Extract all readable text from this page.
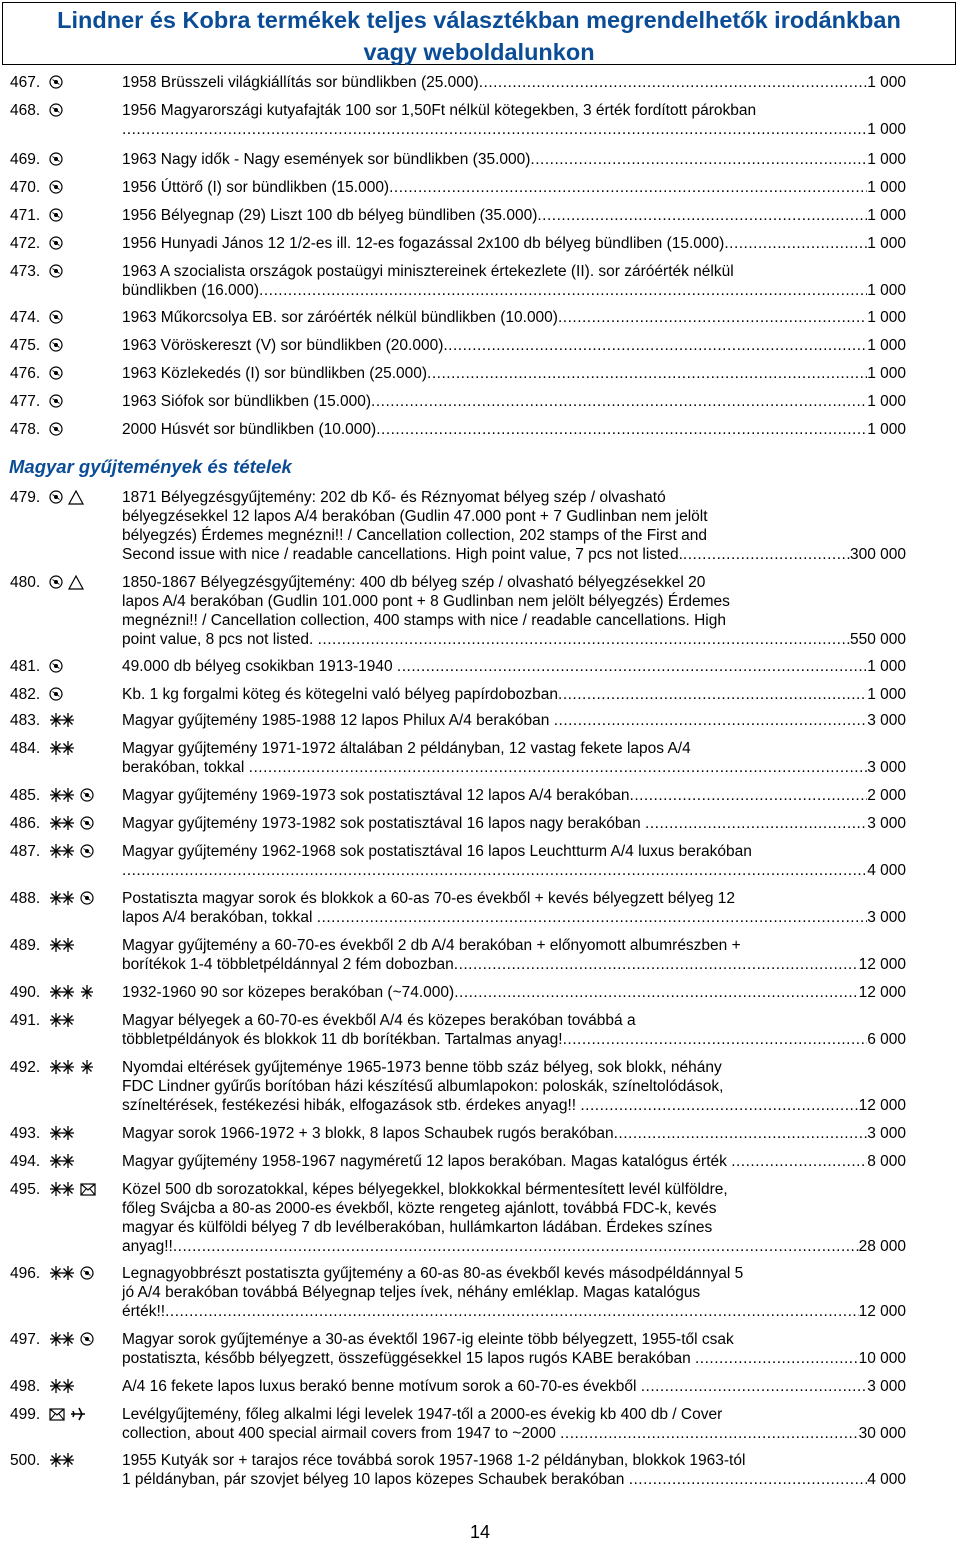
Lindner és Kobra termékek teljes választékban megrendelhetők irodánkban
vagy weboldalunkon
Magyar gyűjtemények és tételek
467.	1958 Brüsszeli világkiállítás sor bündlikben (25.000) .....	1 000
468.	1956 Magyarországi kutyafajták 100 sor 1,50Ft nélkül kötegekben, 3 érték fordított párokban
.....
1 000
469.	1963 Nagy idők - Nagy események sor bündlikben (35.000) .....	1 000
470.	1956 Úttörő (I) sor bündlikben (15.000) .....	1 000
471.	1956 Bélyegnap (29) Liszt 100 db bélyeg bündliben (35.000) .....	1 000
472.	1956 Hunyadi János 12 1/2-es ill. 12-es fogazással 2x100 db bélyeg bündliben (15.000) .....	1 000
473.	1963 A szocialista országok postaügyi minisztereinek értekezlete (II). sor záróérték nélkül
bündlikben (16.000) .....	1 000
474.	1963 Műkorcsolya EB. sor záróérték nélkül bündlikben (10.000) .....	1 000
475.	1963 Vöröskereszt (V) sor bündlikben (20.000) .....	1 000
476.	1963 Közlekedés (I) sor bündlikben (25.000) .....	1 000
477.	1963 Siófok sor bündlikben (15.000) .....	1 000
478.	2000 Húsvét sor bündlikben (10.000) .....	1 000
479.	1871 Bélyegzésgyűjtemény: 202 db Kő- és Réznyomat bélyeg szép / olvasható
bélyegzésekkel 12 lapos A/4 berakóban (Gudlin 47.000 pont + 7 Gudlinban nem jelölt
bélyegzés) Érdemes megnézni!! / Cancellation collection, 202 stamps of the First and
Second issue with nice / readable cancellations. High point value, 7 pcs not listed. .....	300 000
480.	1850-1867 Bélyegzésgyűjtemény: 400 db bélyeg szép / olvasható bélyegzésekkel 20
lapos A/4 berakóban (Gudlin 101.000 pont + 8 Gudlinban nem jelölt bélyegzés) Érdemes
megnézni!! / Cancellation collection, 400 stamps with nice / readable cancellations. High
point value, 8 pcs not listed. .....	550 000
481.	49.000 db bélyeg csokikban 1913-1940 .....	1 000
482.	Kb. 1 kg forgalmi köteg és kötegelni való bélyeg papírdobozban .....	1 000
483.	Magyar gyűjtemény 1985-1988 12 lapos Philux A/4 berakóban .....	3 000
484.	Magyar gyűjtemény 1971-1972 általában 2 példányban, 12 vastag fekete lapos A/4
berakóban, tokkal .....	3 000
485.	Magyar gyűjtemény 1969-1973 sok postatisztával 12 lapos A/4 berakóban .....	2 000
486.	Magyar gyűjtemény 1973-1982 sok postatisztával 16 lapos nagy berakóban .....	3 000
487.	Magyar gyűjtemény 1962-1968 sok postatisztával 16 lapos Leuchtturm A/4 luxus berakóban
.....
4 000
488.	Postatiszta magyar sorok és blokkok a 60-as 70-es évekből + kevés bélyegzett bélyeg 12
lapos A/4 berakóban, tokkal .....	3 000
489.	Magyar gyűjtemény a 60-70-es évekből 2 db A/4 berakóban + előnyomott albumrészben +
borítékok 1-4 többletpéldánnyal 2 fém dobozban .....	12 000
490.	1932-1960 90 sor közepes berakóban (~74.000) .....	12 000
491.	Magyar bélyegek a 60-70-es évekből A/4 és közepes berakóban továbbá a
többletpéldányok és blokkok 11 db borítékban. Tartalmas anyag! .....	6 000
492.	Nyomdai eltérések gyűjteménye 1965-1973 benne több száz bélyeg, sok blokk, néhány
FDC Lindner gyűrűs borítóban házi készítésű albumlapokon: poloskák, színeltolódások,
színeltérések, festékezési hibák, elfogazások stb. érdekes anyag!! .....	12 000
493.	Magyar sorok 1966-1972 + 3 blokk, 8 lapos Schaubek rugós berakóban .....	3 000
494.	Magyar gyűjtemény 1958-1967 nagyméretű 12 lapos berakóban. Magas katalógus érték .....	8 000
495.	Közel 500 db sorozatokkal, képes bélyegekkel, blokkokkal bérmentesített levél külföldre,
főleg Svájcba a 80-as 2000-es évekből, közte rengeteg ajánlott, továbbá FDC-k, kevés
magyar és külföldi bélyeg 7 db levélberakóban, hullámkarton ládában. Érdekes színes
anyag!! .....	28 000
496.	Legnagyobbrészt postatiszta gyűjtemény a 60-as 80-as évekből kevés másodpéldánnyal 5
jó A/4 berakóban továbbá Bélyegnap teljes ívek, néhány emléklap. Magas katalógus
érték!! .....	12 000
497.	Magyar sorok gyűjteménye a 30-as évektől 1967-ig eleinte több bélyegzett, 1955-től csak
postatiszta, később bélyegzett, összefüggésekkel 15 lapos rugós KABE berakóban .....	10 000
498.	A/4 16 fekete lapos luxus berakó benne motívum sorok a 60-70-es évekből .....	3 000
499.	Levélgyűjtemény, főleg alkalmi légi levelek 1947-től a 2000-es évekig kb 400 db / Cover
collection, about 400 special airmail covers from 1947 to ~2000 .....	30 000
500.	1955 Kutyák sor + tarajos réce továbbá sorok 1957-1968 1-2 példányban, blokkok 1963-tól
1 példányban, pár szovjet bélyeg 10 lapos közepes Schaubek berakóban .....	4 000
14
